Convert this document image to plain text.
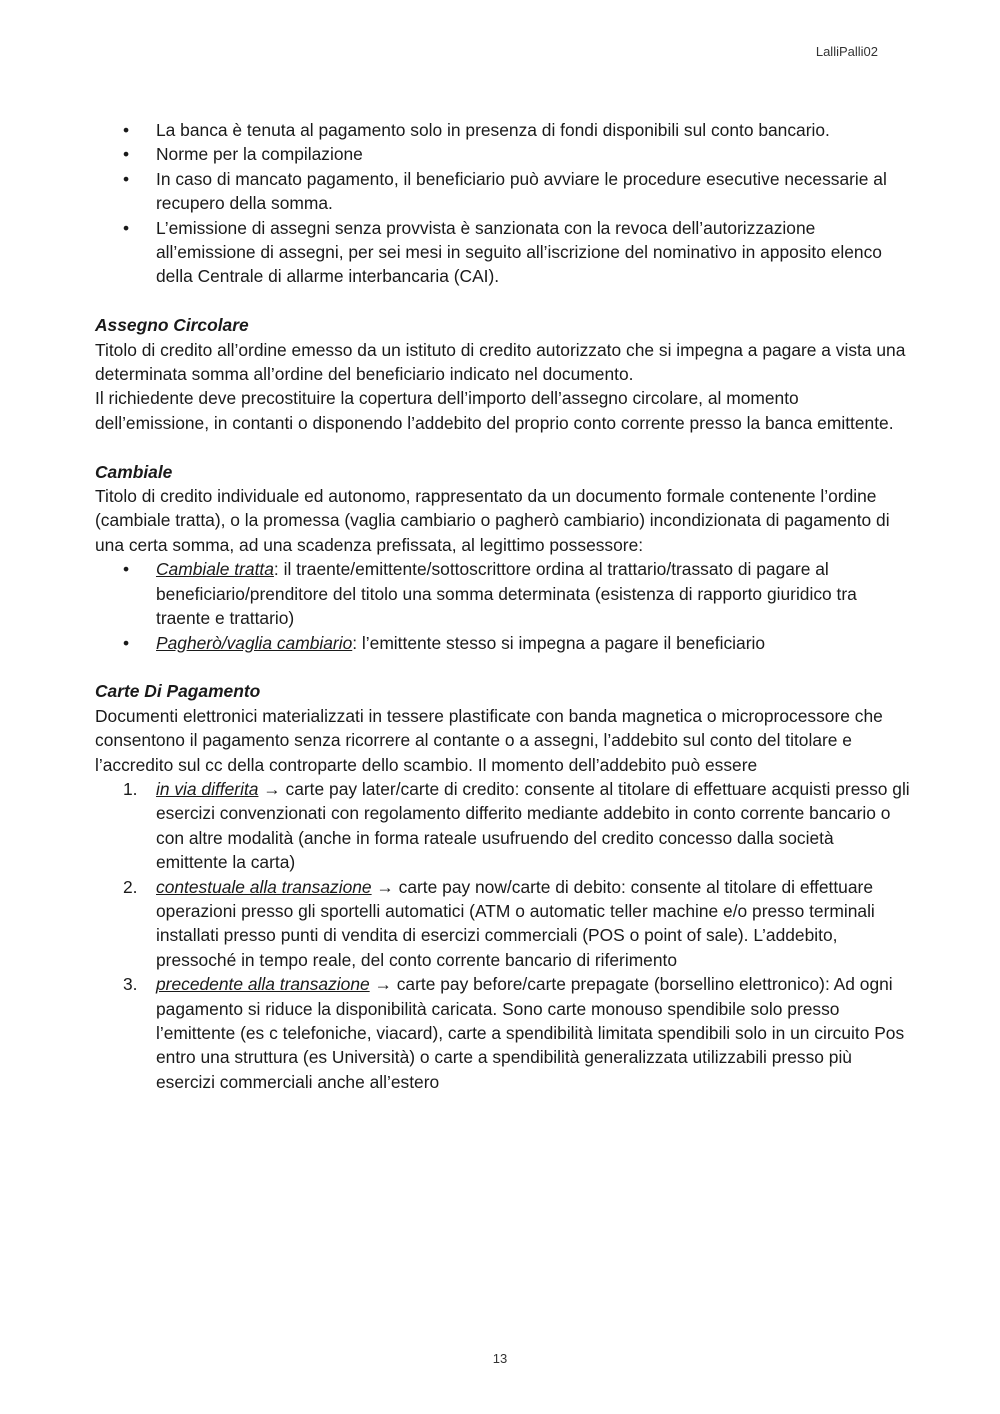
LalliPalli02
• La banca è tenuta al pagamento solo in presenza di fondi disponibili sul conto bancario.
• Norme per la compilazione
• In caso di mancato pagamento, il beneficiario può avviare le procedure esecutive necessarie al recupero della somma.
• L’emissione di assegni senza provvista è sanzionata con la revoca dell’autorizzazione all’emissione di assegni, per sei mesi in seguito all’iscrizione del nominativo in apposito elenco della Centrale di allarme interbancaria (CAI).
Assegno Circolare

Titolo di credito all’ordine emesso da un istituto di credito autorizzato che si impegna a pagare a vista una determinata somma all’ordine del beneficiario indicato nel documento.

Il richiedente deve precostituire la copertura dell’importo dell’assegno circolare, al momento dell’emissione, in contanti o disponendo l’addebito del proprio conto corrente presso la banca emittente.

Cambiale

Titolo di credito individuale ed autonomo, rappresentato da un documento formale contenente l’ordine (cambiale tratta), o la promessa (vaglia cambiario o pagherò cambiario) incondizionata di pagamento di una certa somma, ad una scadenza prefissata, al legittimo possessore:

• Cambiale tratta: il traente/emittente/sottoscrittore ordina al trattario/trassato di pagare al beneficiario/prenditore del titolo una somma determinata (esistenza di rapporto giuridico tra traente e trattario)
• Pagherò/vaglia cambiario: l’emittente stesso si impegna a pagare il beneficiario
Carte Di Pagamento

Documenti elettronici materializzati in tessere plastificate con banda magnetica o microprocessore che consentono il pagamento senza ricorrere al contante o a assegni, l’addebito sul conto del titolare e l’accredito sul cc della controparte dello scambio. Il momento dell’addebito può essere

1. in via differita → carte pay later/carte di credito: consente al titolare di effettuare acquisti presso gli esercizi convenzionati con regolamento differito mediante addebito in conto corrente bancario o con altre modalità (anche in forma rateale usufruendo del credito concesso dalla società emittente la carta)
2. contestuale alla transazione → carte pay now/carte di debito: consente al titolare di effettuare operazioni presso gli sportelli automatici (ATM o automatic teller machine e/o presso terminali installati presso punti di vendita di esercizi commerciali (POS o point of sale). L’addebito, pressoché in tempo reale, del conto corrente bancario di riferimento
3. precedente alla transazione → carte pay before/carte prepagate (borsellino elettronico): Ad ogni pagamento si riduce la disponibilità caricata. Sono carte monouso spendibile solo presso l’emittente (es c telefoniche, viacard), carte a spendibilità limitata spendibili solo in un circuito Pos entro una struttura (es Università) o carte a spendibilità generalizzata utilizzabili presso più esercizi commerciali anche all’estero
13
